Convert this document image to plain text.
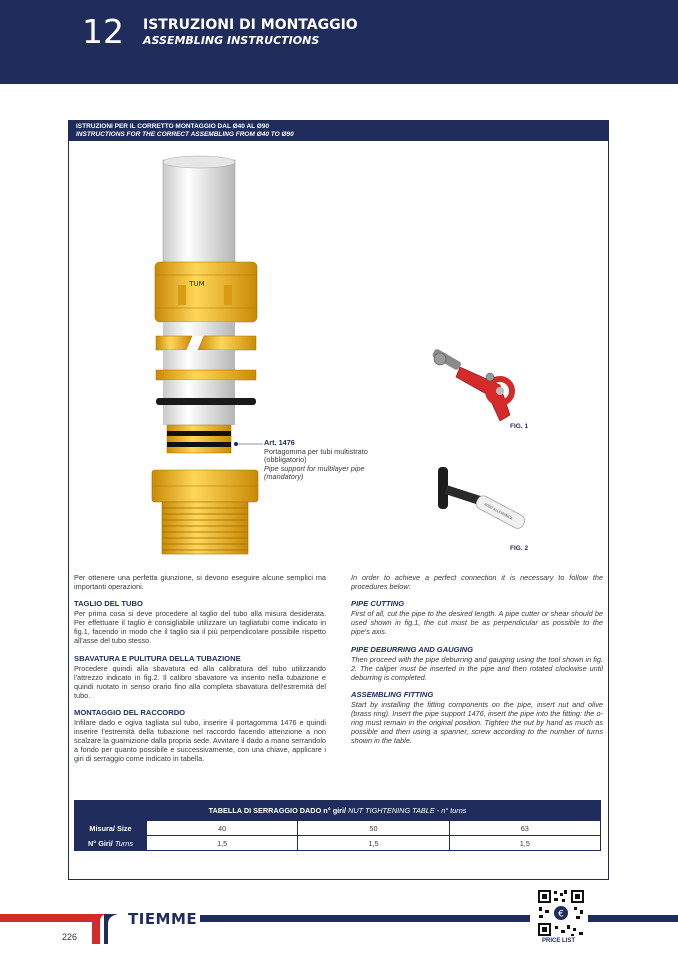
12 ISTRUZIONI DI MONTAGGIO
ASSEMBLING INSTRUCTIONS
ISTRUZIONI PER IL CORRETTO MONTAGGIO DAL Ø40 AL Ø90
INSTRUCTIONS FOR THE CORRECT ASSEMBLING FROM Ø40 TO Ø90
TUM
Art. 1476
Portagomma per tubi multistrato
(obbligatorio)
Pipe support for multilayer pipe
(mandatory)
FIG. 1
8000 ALLEMANDA
FIG. 2
Per ottenere una perfetta giunzione, si devono eseguire alcune semplici ma importanti operazioni.
TAGLIO DEL TUBO
Per prima cosa si deve procedere al taglio del tubo alla misura desiderata. Per effettuare il taglio è consigliabile utilizzare un tagliatubi come indicato in fig.1, facendo in modo che il taglio sia il più perpendicolare possibile rispetto all'asse del tubo stesso.
SBAVATURA E PULITURA DELLA TUBAZIONE
Procedere quindi alla sbavatura ed alla calibratura del tubo utilizzando l'attrezzo indicato in fig.2. Il calibro sbavatore va inserito nella tubazione e quindi ruotato in senso orario fino alla completa sbavatura dell'estremità del tubo.
MONTAGGIO DEL RACCORDO
Infilare dado e ogiva tagliata sul tubo, inserire il portagomma 1476 e quindi inserire l'estremità della tubazione nel raccordo facendo attenzione a non scalzare la guarnizione dalla propria sede. Avvitare il dado a mano serrandolo a fondo per quanto possibile e successivamente, con una chiave, applicare i giri di serraggio come indicato in tabella.
In order to achieve a perfect connection it is necessary to follow the procedures below:
PIPE CUTTING
First of all, cut the pipe to the desired length. A pipe cutter or shear should be used shown in fig.1, the cut must be as perpendicular as possible to the pipe's axis.
PIPE DEBURRING AND GAUGING
Then proceed with the pipe deburring and gauging using the tool shown in fig. 2. The caliper must be inserted in the pipe and then rotated clockwise until deburring is completed.
ASSEMBLING FITTING
Start by installing the fitting components on the pipe, insert nut and olive (brass ring). Insert the pipe support 1476, insert the pipe into the fitting: the o-ring must remain in the original position. Tighten the nut by hand as much as possible and then using a spanner, screw according to the number of turns shown in the table.
TABELLA DI SERRAGGIO DADO n° giri/ NUT TIGHTENING TABLE - n° turns			
Misura/ Size	40	50	63
N° Giri/ Turns	1,5	1,5	1,5
226
TIEMME	€
PRICE LIST
